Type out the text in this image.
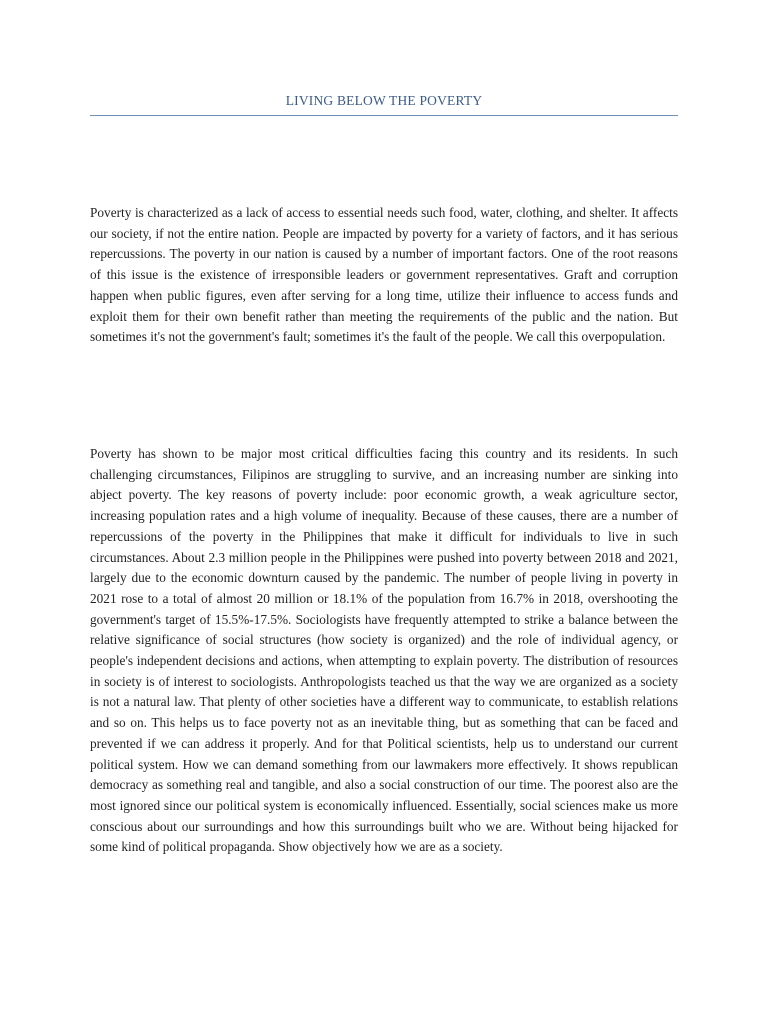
LIVING BELOW THE POVERTY

Poverty is characterized as a lack of access to essential needs such food, water, clothing, and shelter. It affects our society, if not the entire nation. People are impacted by poverty for a variety of factors, and it has serious repercussions. The poverty in our nation is caused by a number of important factors. One of the root reasons of this issue is the existence of irresponsible leaders or government representatives. Graft and corruption happen when public figures, even after serving for a long time, utilize their influence to access funds and exploit them for their own benefit rather than meeting the requirements of the public and the nation. But sometimes it's not the government's fault; sometimes it's the fault of the people. We call this overpopulation.

Poverty has shown to be major most critical difficulties facing this country and its residents. In such challenging circumstances, Filipinos are struggling to survive, and an increasing number are sinking into abject poverty. The key reasons of poverty include: poor economic growth, a weak agriculture sector, increasing population rates and a high volume of inequality. Because of these causes, there are a number of repercussions of the poverty in the Philippines that make it difficult for individuals to live in such circumstances. About 2.3 million people in the Philippines were pushed into poverty between 2018 and 2021, largely due to the economic downturn caused by the pandemic. The number of people living in poverty in 2021 rose to a total of almost 20 million or 18.1% of the population from 16.7% in 2018, overshooting the government's target of 15.5%-17.5%. Sociologists have frequently attempted to strike a balance between the relative significance of social structures (how society is organized) and the role of individual agency, or people's independent decisions and actions, when attempting to explain poverty. The distribution of resources in society is of interest to sociologists. Anthropologists teached us that the way we are organized as a society is not a natural law. That plenty of other societies have a different way to communicate, to establish relations and so on. This helps us to face poverty not as an inevitable thing, but as something that can be faced and prevented if we can address it properly. And for that Political scientists, help us to understand our current political system. How we can demand something from our lawmakers more effectively. It shows republican democracy as something real and tangible, and also a social construction of our time. The poorest also are the most ignored since our political system is economically influenced. Essentially, social sciences make us more conscious about our surroundings and how this surroundings built who we are. Without being hijacked for some kind of political propaganda. Show objectively how we are as a society.
